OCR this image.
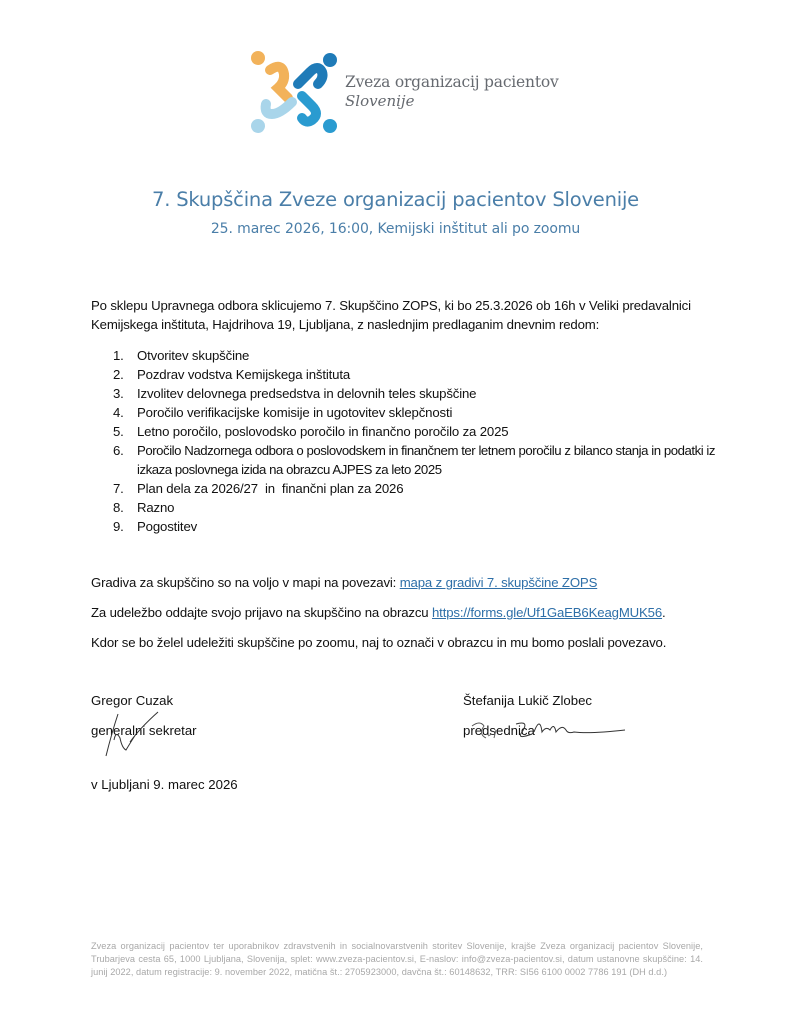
Zveza organizacij pacientov
Slovenije
7. Skupščina Zveze organizacij pacientov Slovenije
25. marec 2026, 16:00, Kemijski inštitut ali po zoomu
Po sklepu Upravnega odbora sklicujemo 7. Skupščino ZOPS, ki bo 25.3.2026 ob 16h v Veliki predavalnici Kemijskega inštituta, Hajdrihova 19, Ljubljana, z naslednjim predlaganim dnevnim redom:
1.	Otvoritev skupščine
2.	Pozdrav vodstva Kemijskega inštituta
3.	Izvolitev delovnega predsedstva in delovnih teles skupščine
4.	Poročilo verifikacijske komisije in ugotovitev sklepčnosti
5.	Letno poročilo, poslovodsko poročilo in finančno poročilo za 2025
6.	Poročilo Nadzornega odbora o poslovodskem in finančnem ter letnem poročilu z bilanco stanja in podatki iz izkaza poslovnega izida na obrazcu AJPES za leto 2025
7.	Plan dela za 2026/27  in  finančni plan za 2026
8.	Razno
9.	Pogostitev
Gradiva za skupščino so na voljo v mapi na povezavi: mapa z gradivi 7. skupščine ZOPS
Za udeležbo oddajte svojo prijavo na skupščino na obrazcu https://forms.gle/Uf1GaEB6KeagMUK56.
Kdor se bo želel udeležiti skupščine po zoomu, naj to označi v obrazcu in mu bomo poslali povezavo.
Gregor Cuzak
generalni sekretar
Štefanija Lukič Zlobec
predsednica
v Ljubljani 9. marec 2026
Zveza organizacij pacientov ter uporabnikov zdravstvenih in socialnovarstvenih storitev Slovenije, krajše Zveza organizacij pacientov Slovenije, Trubarjeva cesta 65, 1000 Ljubljana, Slovenija, splet: www.zveza-pacientov.si, E-naslov: info@zveza-pacientov.si, datum ustanovne skupščine: 14. junij 2022, datum registracije: 9. november 2022, matična št.: 2705923000, davčna št.: 60148632, TRR: SI56 6100 0002 7786 191 (DH d.d.)
